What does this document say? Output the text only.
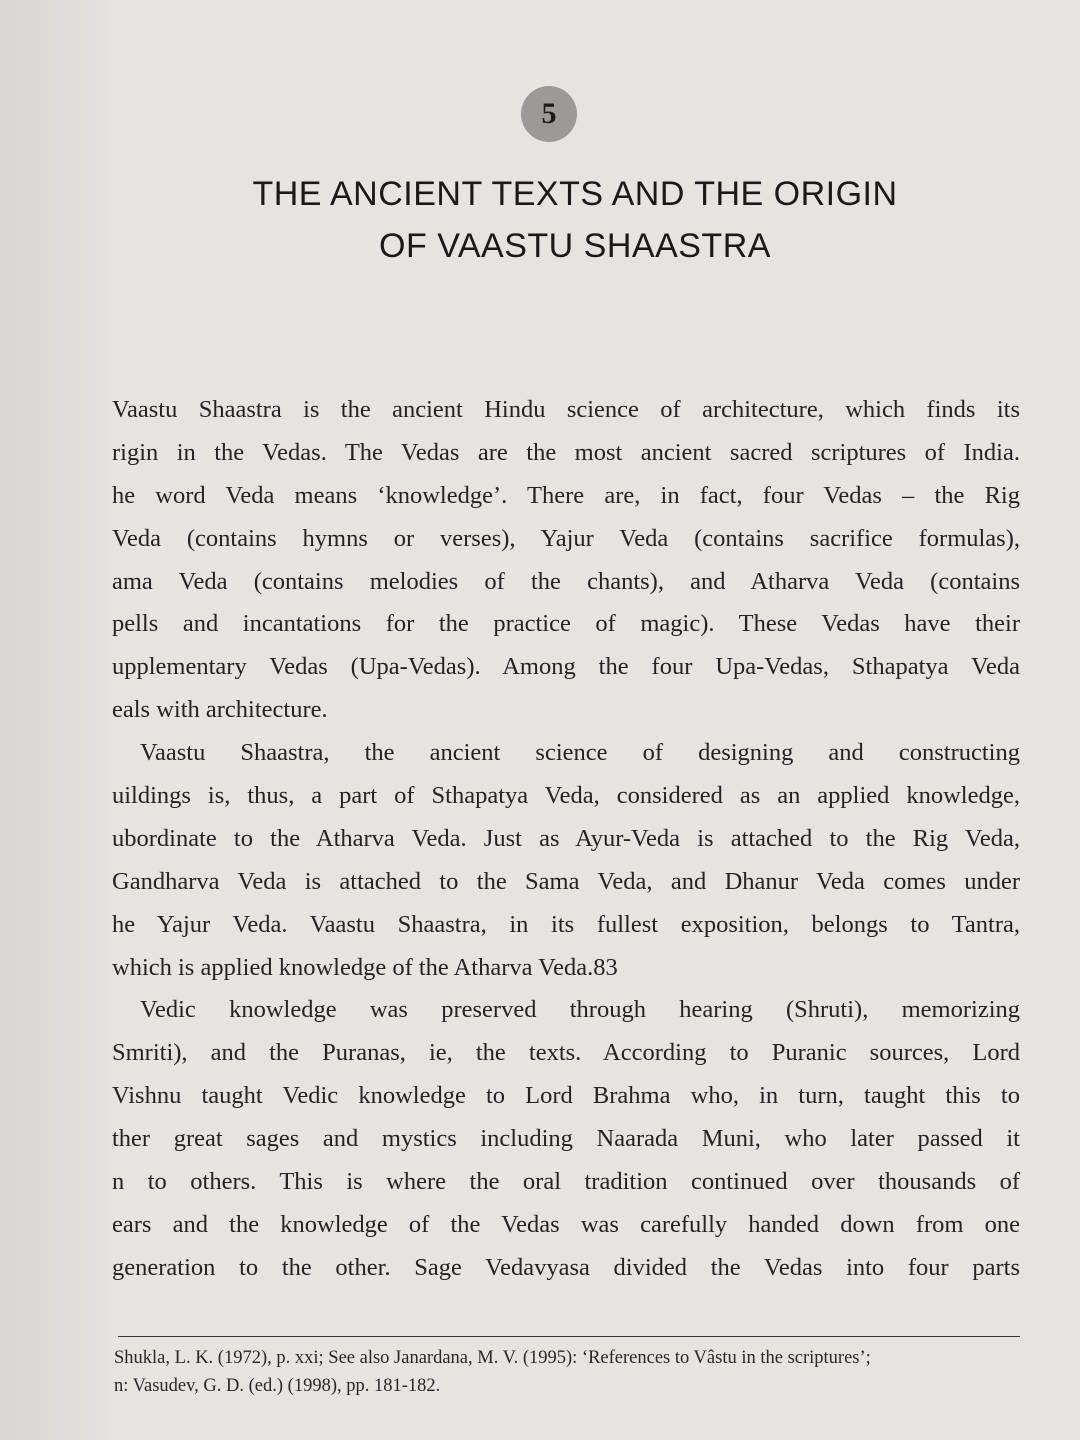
5
THE ANCIENT TEXTS AND THE ORIGIN
OF VAASTU SHAASTRA
Vaastu Shaastra is the ancient Hindu science of architecture, which finds its
rigin in the Vedas. The Vedas are the most ancient sacred scriptures of India.
he word Veda means ‘knowledge’. There are, in fact, four Vedas – the Rig
Veda (contains hymns or verses), Yajur Veda (contains sacrifice formulas),
ama Veda (contains melodies of the chants), and Atharva Veda (contains
pells and incantations for the practice of magic). These Vedas have their
upplementary Vedas (Upa-Vedas). Among the four Upa-Vedas, Sthapatya Veda
eals with architecture.
Vaastu Shaastra, the ancient science of designing and constructing
uildings is, thus, a part of Sthapatya Veda, considered as an applied knowledge,
ubordinate to the Atharva Veda. Just as Ayur-Veda is attached to the Rig Veda,
Gandharva Veda is attached to the Sama Veda, and Dhanur Veda comes under
he Yajur Veda. Vaastu Shaastra, in its fullest exposition, belongs to Tantra,
which is applied knowledge of the Atharva Veda.83
Vedic knowledge was preserved through hearing (Shruti), memorizing
Smriti), and the Puranas, ie, the texts. According to Puranic sources, Lord
Vishnu taught Vedic knowledge to Lord Brahma who, in turn, taught this to
ther great sages and mystics including Naarada Muni, who later passed it
n to others. This is where the oral tradition continued over thousands of
ears and the knowledge of the Vedas was carefully handed down from one
generation to the other. Sage Vedavyasa divided the Vedas into four parts
Shukla, L. K. (1972), p. xxi; See also Janardana, M. V. (1995): ‘References to Vâstu in the scriptures’;
n: Vasudev, G. D. (ed.) (1998), pp. 181-182.
